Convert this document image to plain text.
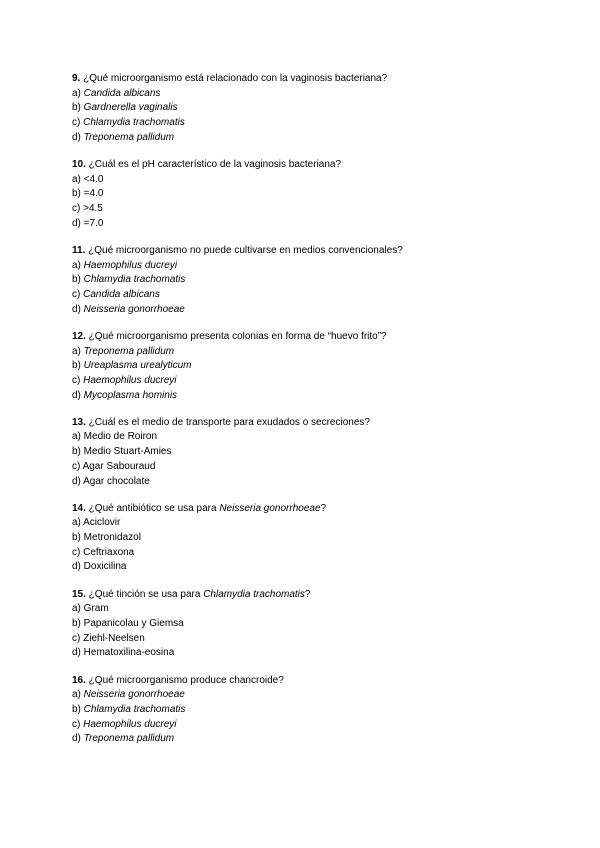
9. ¿Qué microorganismo está relacionado con la vaginosis bacteriana?
a) Candida albicans
b) Gardnerella vaginalis
c) Chlamydia trachomatis
d) Treponema pallidum
10. ¿Cuál es el pH característico de la vaginosis bacteriana?
a) <4.0
b) =4.0
c) >4.5
d) =7.0
11. ¿Qué microorganismo no puede cultivarse en medios convencionales?
a) Haemophilus ducreyi
b) Chlamydia trachomatis
c) Candida albicans
d) Neisseria gonorrhoeae
12. ¿Qué microorganismo presenta colonias en forma de “huevo frito”?
a) Treponema pallidum
b) Ureaplasma urealyticum
c) Haemophilus ducreyi
d) Mycoplasma hominis
13. ¿Cuál es el medio de transporte para exudados o secreciones?
a) Medio de Roiron
b) Medio Stuart-Amies
c) Agar Sabouraud
d) Agar chocolate
14. ¿Qué antibiótico se usa para Neisseria gonorrhoeae?
a) Aciclovir
b) Metronidazol
c) Ceftriaxona
d) Doxicilina
15. ¿Qué tinción se usa para Chlamydia trachomatis?
a) Gram
b) Papanicolau y Giemsa
c) Ziehl-Neelsen
d) Hematoxilina-eosina
16. ¿Qué microorganismo produce chancroide?
a) Neisseria gonorrhoeae
b) Chlamydia trachomatis
c) Haemophilus ducreyi
d) Treponema pallidum
